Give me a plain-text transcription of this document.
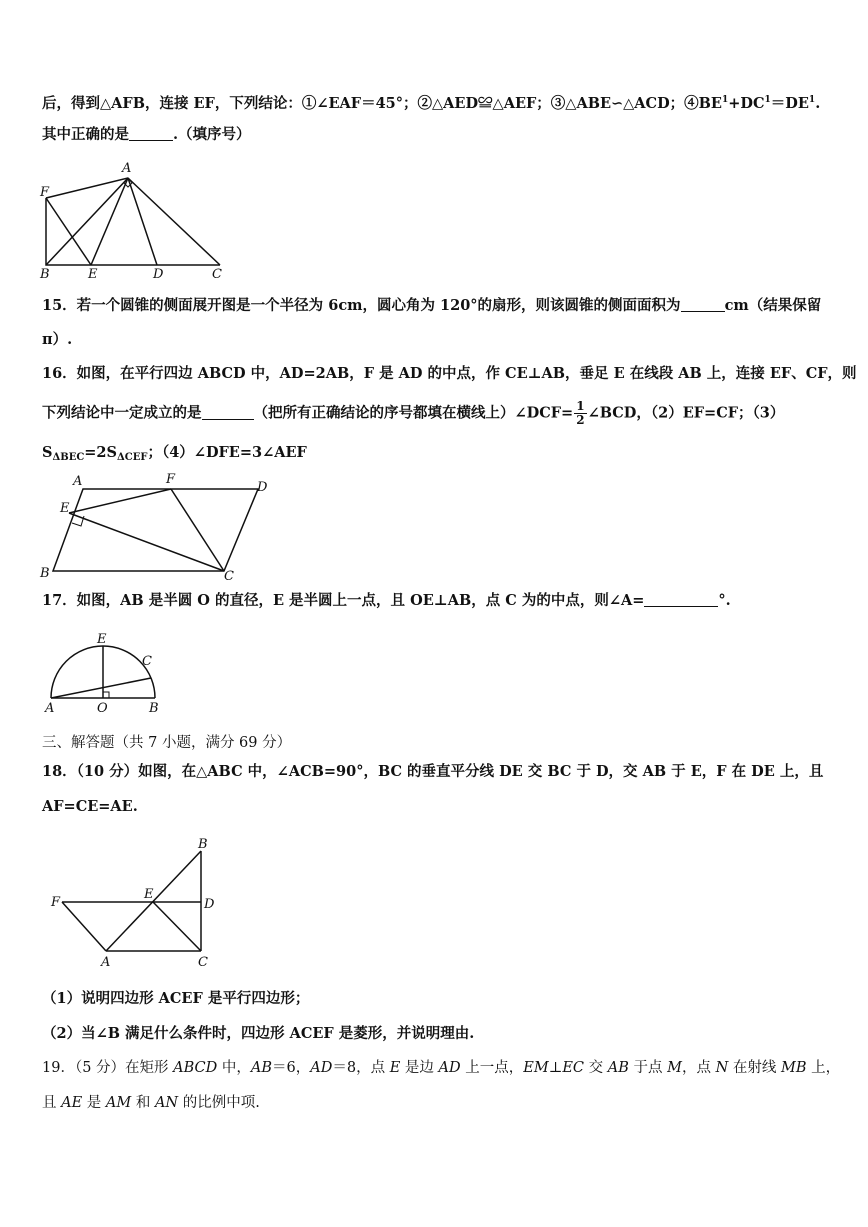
后，得到△AFB，连接 EF，下列结论：①∠EAF＝45°；②△AED≌△AEF；③△ABE∽△ACD；$④BE^1+DC^1=DE^1$.
其中正确的是	.（填序号）
A
F
B	E	D	C
15．若一个圆锥的侧面展开图是一个半径为 6cm，圆心角为 120°的扇形，则该圆锥的侧面面积为	cm（结果保留
π）.
16．如图，在平行四边 ABCD 中，AD=2AB，F 是 AD 的中点，作 CE⊥AB，垂足 E 在线段 AB 上，连接 EF、CF，则
下列结论中一定成立的是	（把所有正确结论的序号都填在横线上）∠DCF= $\frac{1}{2}$ ∠BCD，（2）EF=CF；（3）
$S_{\Delta BEC}=2S_{\Delta CEF}$；（4）∠DFE=3∠AEF
A	F
D
E
B	C
17．如图，AB 是半圆 O 的直径，E 是半圆上一点，且 OE⊥AB，点 C 为的中点，则∠A=	°.
E
C
A	O	B
三、解答题（共 7 小题，满分 69 分）
18．（10 分）如图，在△ABC 中，∠ACB=90°，BC 的垂直平分线 DE 交 BC 于 D，交 AB 于 E，F 在 DE 上，且
AF=CE=AE.
B
F
E
D
A	C
（1）说明四边形 ACEF 是平行四边形；
（2）当∠B 满足什么条件时，四边形 ACEF 是菱形，并说明理由.
19．（5 分）在矩形 ABCD 中，AB＝6，AD＝8，点 E 是边 AD 上一点，EM⊥EC 交 AB 于点 M，点 N 在射线 MB 上，
且 AE 是 AM 和 AN 的比例中项.
